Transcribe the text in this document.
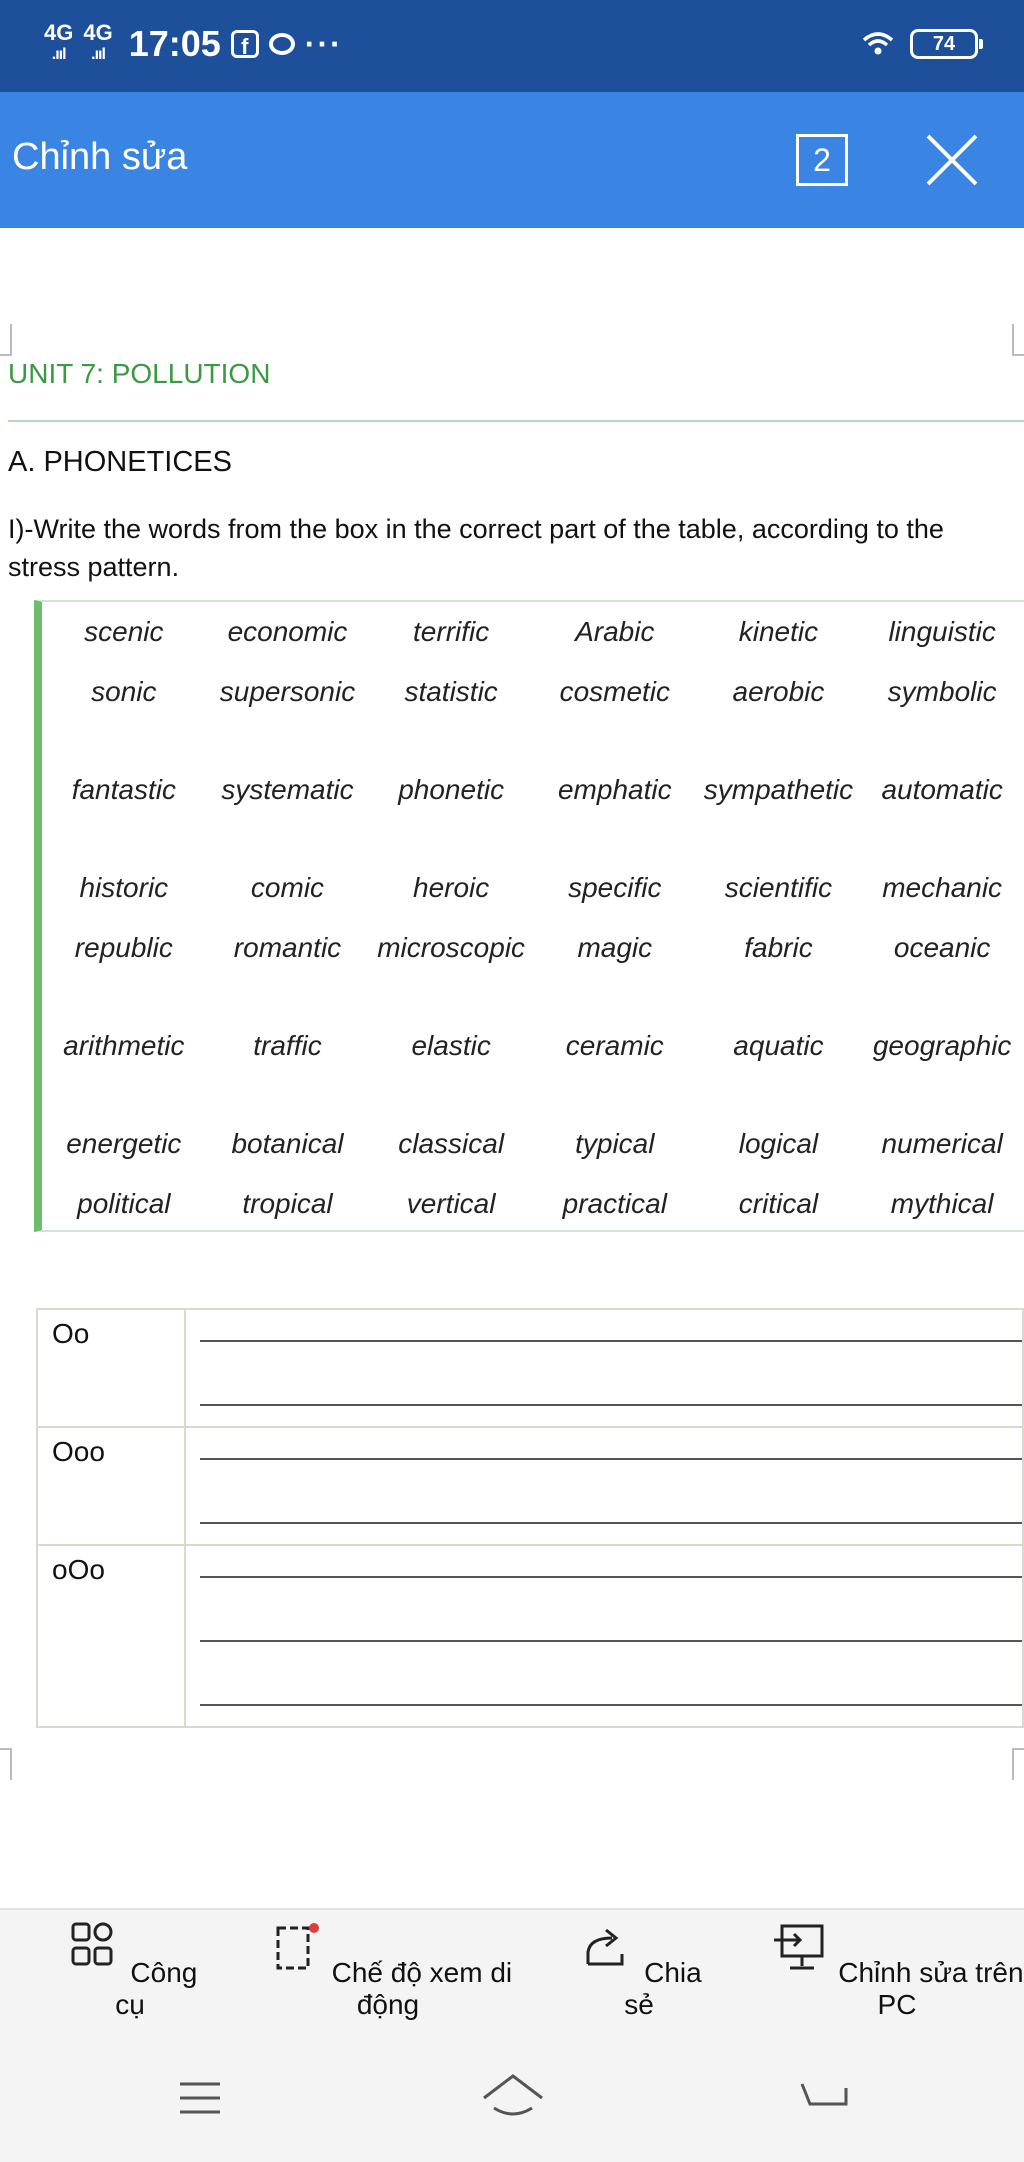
4G
.ııl
4G
.ııl 17:05 f	···	74
Chỉnh sửa	2
UNIT 7: POLLUTION
A. PHONETICES
I)-Write the words from the box in the correct part of the table, according to the stress pattern.
scenic	economic	terrific	Arabic	kinetic	linguistic

sonic	supersonic	statistic	cosmetic	aerobic	symbolic

fantastic	systematic	phonetic	emphatic	sympathetic	automatic

historic	comic	heroic	specific	scientific	mechanic

republic	romantic	microscopic	magic	fabric	oceanic

arithmetic	traffic	elastic	ceramic	aquatic	geographic

energetic	botanical	classical	typical	logical	numerical

political	tropical	vertical	practical	critical	mythical
Oo	

Ooo	

oOo	
Công cụ
Chế độ xem di động
Chia sẻ
Chỉnh sửa trên PC
